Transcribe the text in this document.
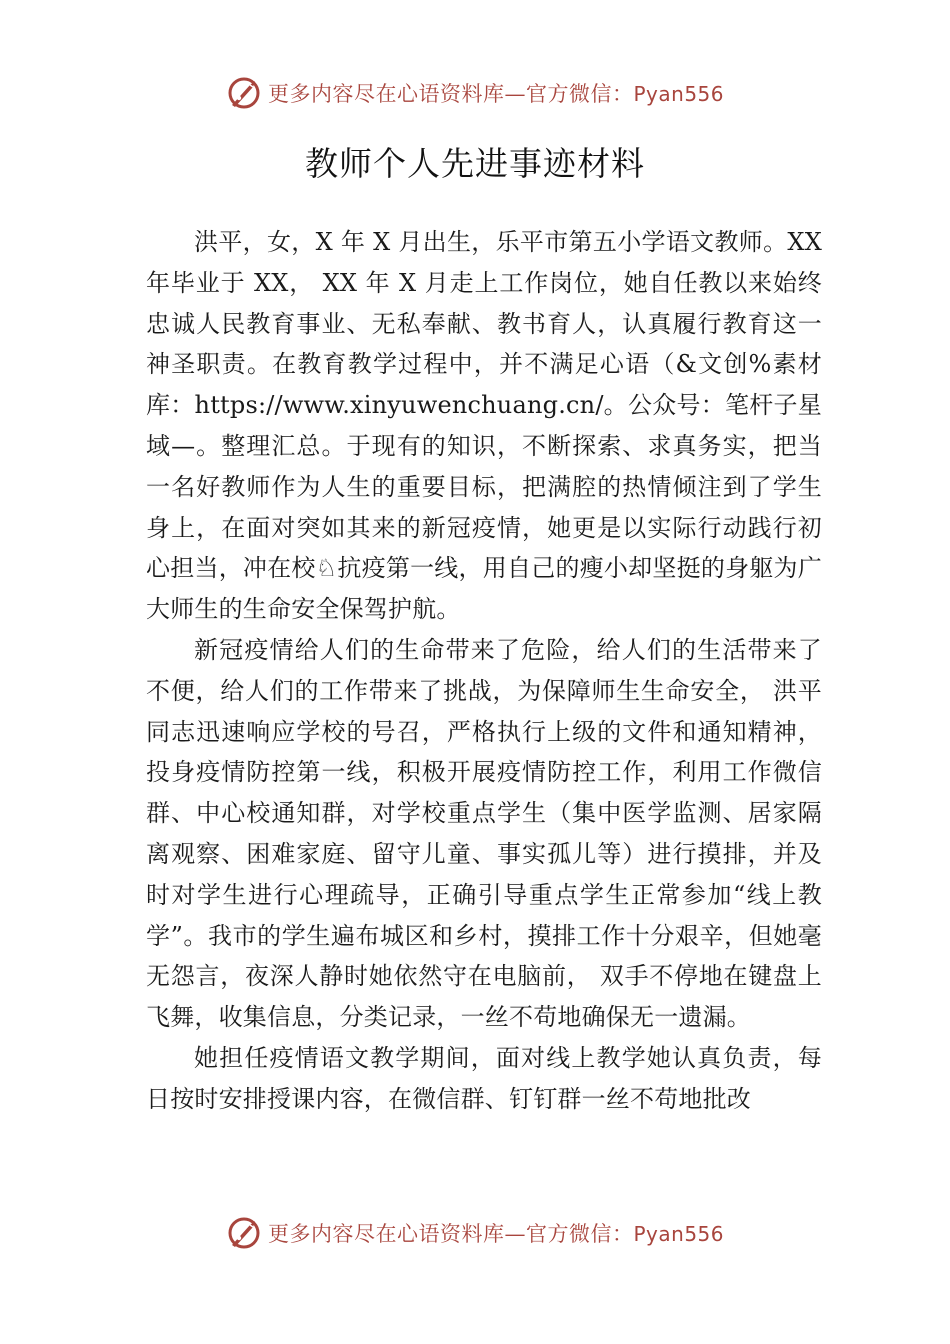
更多内容尽在心语资料库—官方微信：Pyan556
教师个人先进事迹材料

洪平，女，X 年 X 月出生，乐平市第五小学语文教师。XX 年毕业于 XX， XX 年 X 月走上工作岗位，她自任教以来始终忠诚人民教育事业、无私奉献、教书育人，认真履行教育这一神圣职责。在教育教学过程中，并不满足心语（&文创%素材库：https://www.xinyuwenchuang.cn/。公众号：笔杆子星域—。整理汇总。于现有的知识，不断探索、求真务实，把当一名好教师作为人生的重要目标，把满腔的热情倾注到了学生身上，在面对突如其来的新冠疫情，她更是以实际行动践行初心担当，冲在校♘抗疫第一线，用自己的瘦小却坚挺的身躯为广大师生的生命安全保驾护航。

新冠疫情给人们的生命带来了危险，给人们的生活带来了不便，给人们的工作带来了挑战，为保障师生生命安全， 洪平同志迅速响应学校的号召，严格执行上级的文件和通知精神，投身疫情防控第一线，积极开展疫情防控工作，利用工作微信群、中心校通知群，对学校重点学生（集中医学监测、居家隔离观察、困难家庭、留守儿童、事实孤儿等）进行摸排，并及时对学生进行心理疏导，正确引导重点学生正常参加“线上教学”。我市的学生遍布城区和乡村，摸排工作十分艰辛，但她毫无怨言，夜深人静时她依然守在电脑前， 双手不停地在键盘上飞舞，收集信息，分类记录，一丝不苟地确保无一遗漏。

她担任疫情语文教学期间，面对线上教学她认真负责，每日按时安排授课内容，在微信群、钉钉群一丝不苟地批改

更多内容尽在心语资料库—官方微信：Pyan556
